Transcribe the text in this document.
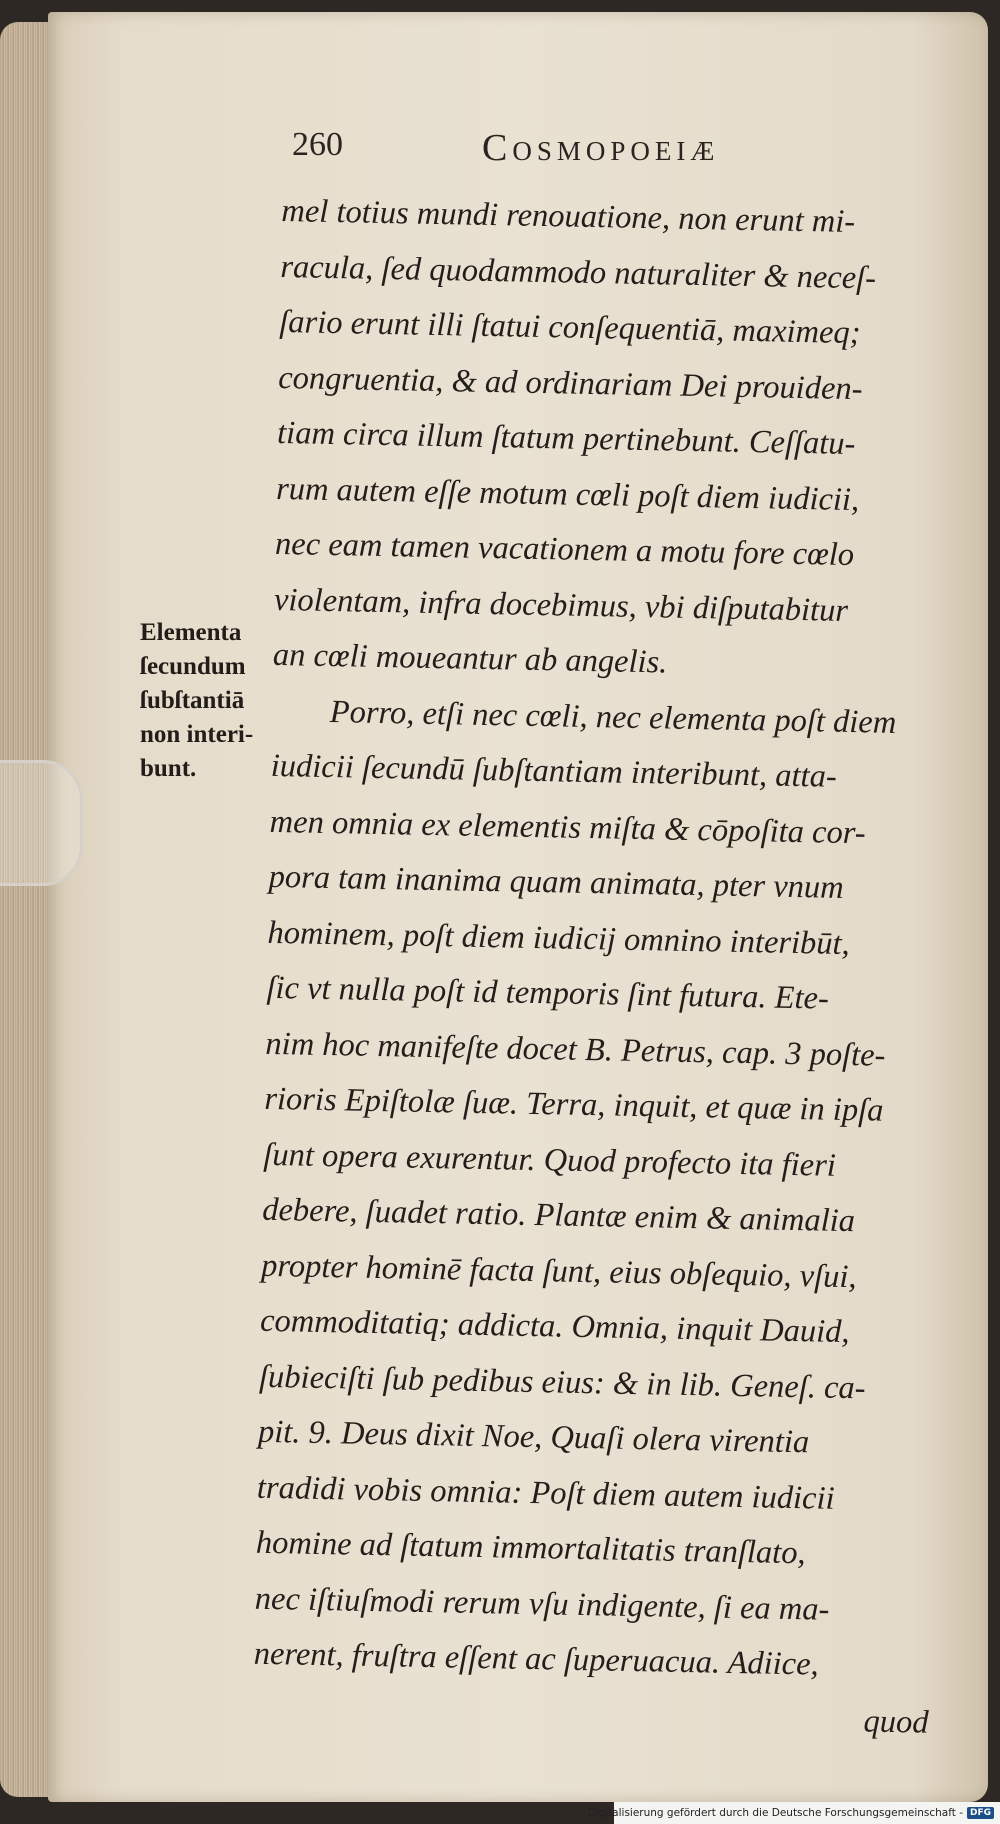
260	Cosmopoeiæ
Elementa
ſecundum
ſubſtantiā
non interi-
bunt.
mel totius mundi renouatione, non erunt mi-
racula, ſed quodammodo naturaliter & neceſ-
ſario erunt illi ſtatui conſequentiā, maximeq;
congruentia, & ad ordinariam Dei prouiden-
tiam circa illum ſtatum pertinebunt. Ceſſatu-
rum autem eſſe motum cœli poſt diem iudicii,
nec eam tamen vacationem a motu fore cœlo
violentam, infra docebimus, vbi diſputabitur
an cœli moueantur ab angelis.
Porro, etſi nec cœli, nec elementa poſt diem
iudicii ſecundū ſubſtantiam interibunt, atta-
men omnia ex elementis miſta & cōpoſita cor-
pora tam inanima quam animata, pter vnum
hominem, poſt diem iudicij omnino interibūt,
ſic vt nulla poſt id temporis ſint futura. Ete-
nim hoc manifeſte docet B. Petrus, cap. 3 poſte-
rioris Epiſtolæ ſuæ. Terra, inquit, et quæ in ipſa
ſunt opera exurentur. Quod profecto ita fieri
debere, ſuadet ratio. Plantæ enim & animalia
propter hominē facta ſunt, eius obſequio, vſui,
commoditatiq; addicta. Omnia, inquit Dauid,
ſubieciſti ſub pedibus eius: & in lib. Geneſ. ca-
pit. 9. Deus dixit Noe, Quaſi olera virentia
tradidi vobis omnia: Poſt diem autem iudicii
homine ad ſtatum immortalitatis tranſlato,
nec iſtiuſmodi rerum vſu indigente, ſi ea ma-
nerent, fruſtra eſſent ac ſuperuacua. Adiice,
quod
Digitalisierung gefördert durch die Deutsche Forschungsgemeinschaft - DFG
